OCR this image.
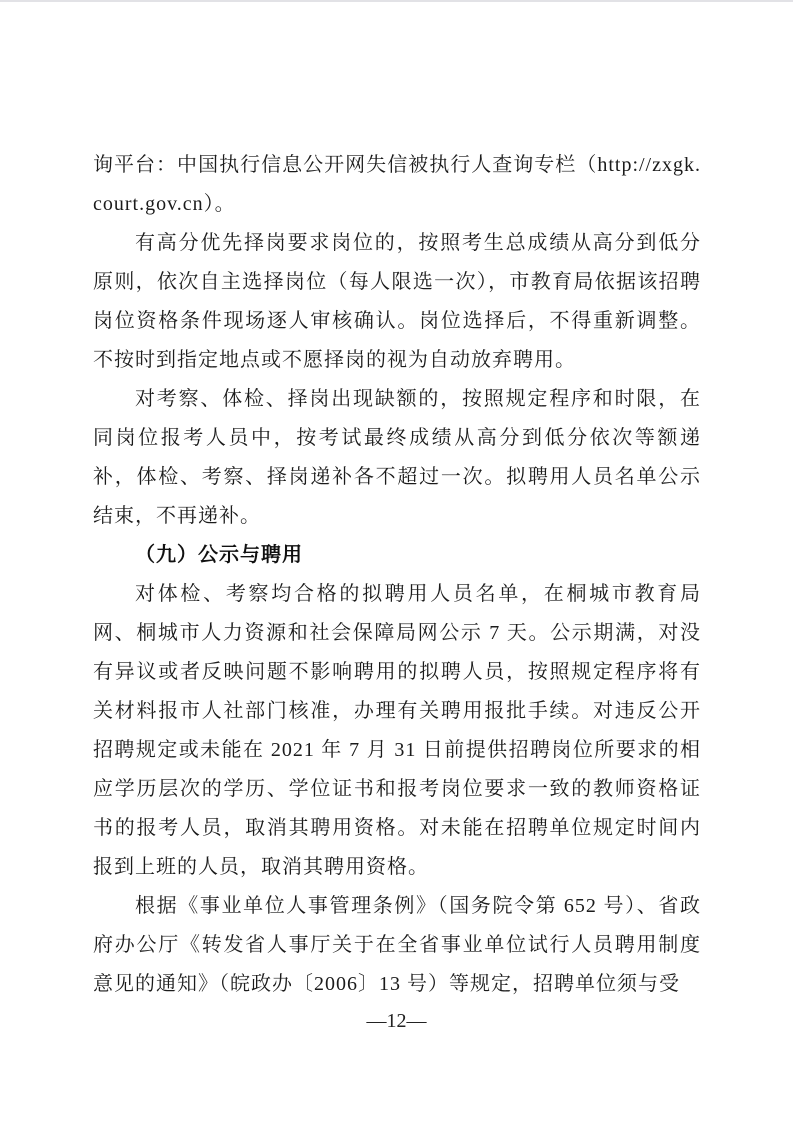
询平台：中国执行信息公开网失信被执行人查询专栏（http://zxgk.court.gov.cn）。

有高分优先择岗要求岗位的，按照考生总成绩从高分到低分原则，依次自主选择岗位（每人限选一次），市教育局依据该招聘岗位资格条件现场逐人审核确认。岗位选择后，不得重新调整。不按时到指定地点或不愿择岗的视为自动放弃聘用。

对考察、体检、择岗出现缺额的，按照规定程序和时限，在同岗位报考人员中，按考试最终成绩从高分到低分依次等额递补，体检、考察、择岗递补各不超过一次。拟聘用人员名单公示结束，不再递补。

（九）公示与聘用

对体检、考察均合格的拟聘用人员名单，在桐城市教育局网、桐城市人力资源和社会保障局网公示 7 天。公示期满，对没有异议或者反映问题不影响聘用的拟聘人员，按照规定程序将有关材料报市人社部门核准，办理有关聘用报批手续。对违反公开招聘规定或未能在 2021 年 7 月 31 日前提供招聘岗位所要求的相应学历层次的学历、学位证书和报考岗位要求一致的教师资格证书的报考人员，取消其聘用资格。对未能在招聘单位规定时间内报到上班的人员，取消其聘用资格。

根据《事业单位人事管理条例》（国务院令第 652 号）、省政府办公厅《转发省人事厅关于在全省事业单位试行人员聘用制度意见的通知》（皖政办〔2006〕13 号）等规定，招聘单位须与受

—12—
